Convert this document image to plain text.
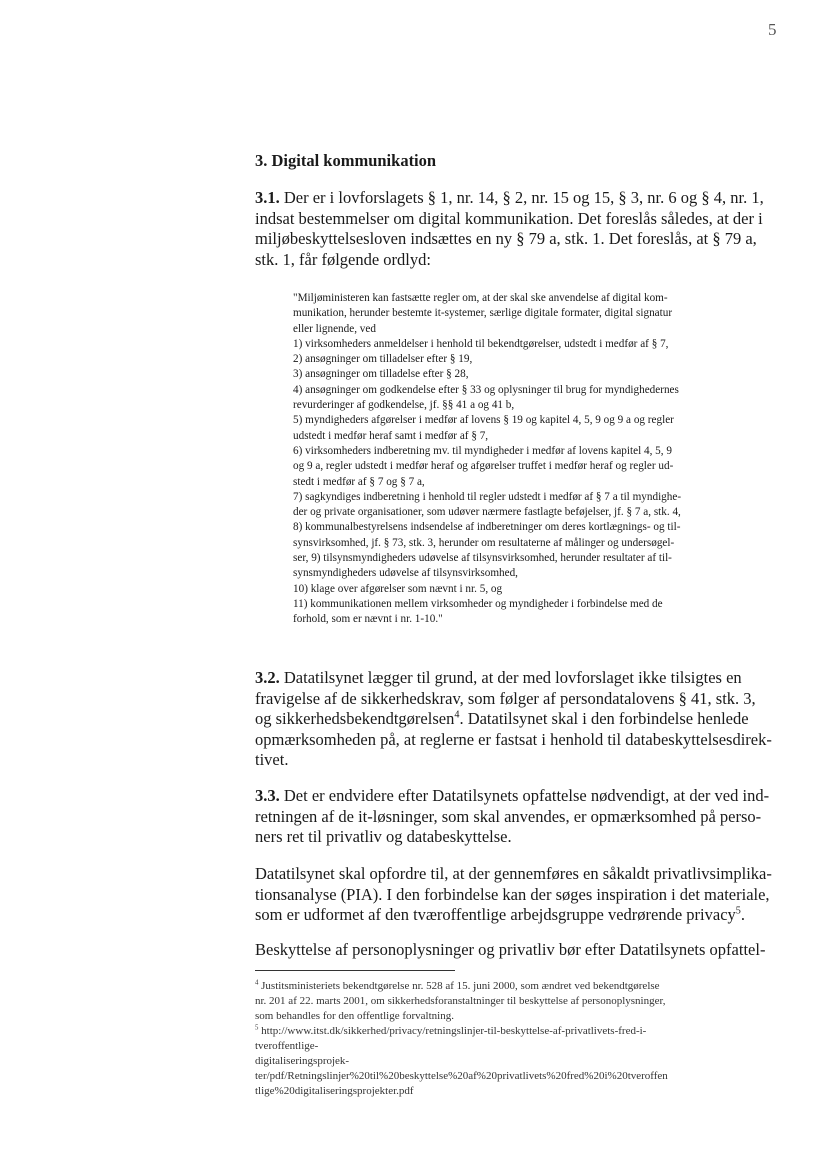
5
3. Digital kommunikation

3.1. Der er i lovforslagets § 1, nr. 14, § 2, nr. 15 og 15, § 3, nr. 6 og § 4, nr. 1,

indsat bestemmelser om digital kommunikation. Det foreslås således, at der i

miljøbeskyttelsesloven indsættes en ny § 79 a, stk. 1. Det foreslås, at § 79 a,

stk. 1, får følgende ordlyd:

"Miljøministeren kan fastsætte regler om, at der skal ske anvendelse af digital kom-

munikation, herunder bestemte it-systemer, særlige digitale formater, digital signatur

eller lignende, ved

1) virksomheders anmeldelser i henhold til bekendtgørelser, udstedt i medfør af § 7,

2) ansøgninger om tilladelser efter § 19,

3) ansøgninger om tilladelse efter § 28,

4) ansøgninger om godkendelse efter § 33 og oplysninger til brug for myndighedernes

revurderinger af godkendelse, jf. §§ 41 a og 41 b,

5) myndigheders afgørelser i medfør af lovens § 19 og kapitel 4, 5, 9 og 9 a og regler

udstedt i medfør heraf samt i medfør af § 7,

6) virksomheders indberetning mv. til myndigheder i medfør af lovens kapitel 4, 5, 9

og 9 a, regler udstedt i medfør heraf og afgørelser truffet i medfør heraf og regler ud-

stedt i medfør af § 7 og § 7 a,

7) sagkyndiges indberetning i henhold til regler udstedt i medfør af § 7 a til myndighe-

der og private organisationer, som udøver nærmere fastlagte beføjelser, jf. § 7 a, stk. 4,

8) kommunalbestyrelsens indsendelse af indberetninger om deres kortlægnings- og til-

synsvirksomhed, jf. § 73, stk. 3, herunder om resultaterne af målinger og undersøgel-

ser, 9) tilsynsmyndigheders udøvelse af tilsynsvirksomhed, herunder resultater af til-

synsmyndigheders udøvelse af tilsynsvirksomhed,

10) klage over afgørelser som nævnt i nr. 5, og

11) kommunikationen mellem virksomheder og myndigheder i forbindelse med de

forhold, som er nævnt i nr. 1-10."

3.2. Datatilsynet lægger til grund, at der med lovforslaget ikke tilsigtes en

fravigelse af de sikkerhedskrav, som følger af persondatalovens § 41, stk. 3,

og sikkerhedsbekendtgørelsen$^4$. Datatilsynet skal i den forbindelse henlede

opmærksomheden på, at reglerne er fastsat i henhold til databeskyttelsesdirek-

tivet.

3.3. Det er endvidere efter Datatilsynets opfattelse nødvendigt, at der ved ind-

retningen af de it-løsninger, som skal anvendes, er opmærksomhed på perso-

ners ret til privatliv og databeskyttelse.

Datatilsynet skal opfordre til, at der gennemføres en såkaldt privatlivsimplika-

tionsanalyse (PIA). I den forbindelse kan der søges inspiration i det materiale,

som er udformet af den tværoffentlige arbejdsgruppe vedrørende privacy$^5$.

Beskyttelse af personoplysninger og privatliv bør efter Datatilsynets opfattel-

$^4$ Justitsministeriets bekendtgørelse nr. 528 af 15. juni 2000, som ændret ved bekendtgørelse

nr. 201 af 22. marts 2001, om sikkerhedsforanstaltninger til beskyttelse af personoplysninger,

som behandles for den offentlige forvaltning.

$^5$ http://www.itst.dk/sikkerhed/privacy/retningslinjer-til-beskyttelse-af-privatlivets-fred-i-

tveroffentlige-

digitaliseringsprojek-

ter/pdf/Retningslinjer%20til%20beskyttelse%20af%20privatlivets%20fred%20i%20tveroffen

tlige%20digitaliseringsprojekter.pdf
